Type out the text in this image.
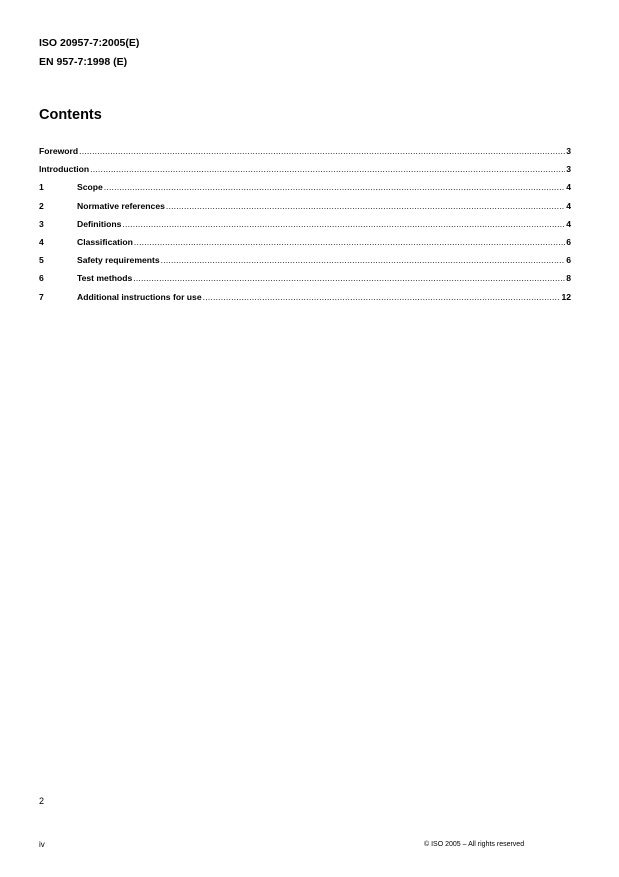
ISO 20957-7:2005(E)
EN 957-7:1998 (E)
Contents
Foreword .....	3
Introduction .....	3
1	Scope .....	4
2	Normative references .....	4
3	Definitions .....	4
4	Classification .....	6
5	Safety requirements .....	6
6	Test methods .....	8
7	Additional instructions for use .....	12
2
iv	© ISO 2005 – All rights reserved
